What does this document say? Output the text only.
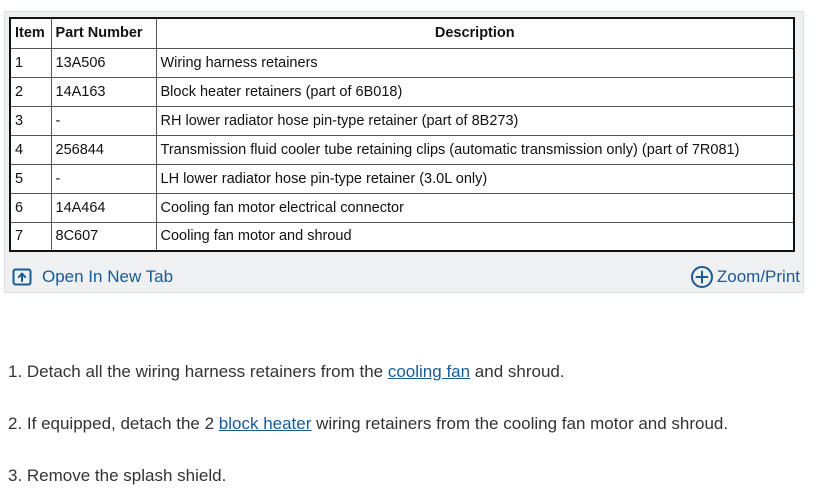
Item	Part Number	Description
1	13A506	Wiring harness retainers
2	14A163	Block heater retainers (part of 6B018)
3	-	RH lower radiator hose pin-type retainer (part of 8B273)
4	256844	Transmission fluid cooler tube retaining clips (automatic transmission only) (part of 7R081)
5	-	LH lower radiator hose pin-type retainer (3.0L only)
6	14A464	Cooling fan motor electrical connector
7	8C607	Cooling fan motor and shroud
Open In New Tab	Zoom/Print

1. Detach all the wiring harness retainers from the cooling fan and shroud.

2. If equipped, detach the 2 block heater wiring retainers from the cooling fan motor and shroud.

3. Remove the splash shield.
